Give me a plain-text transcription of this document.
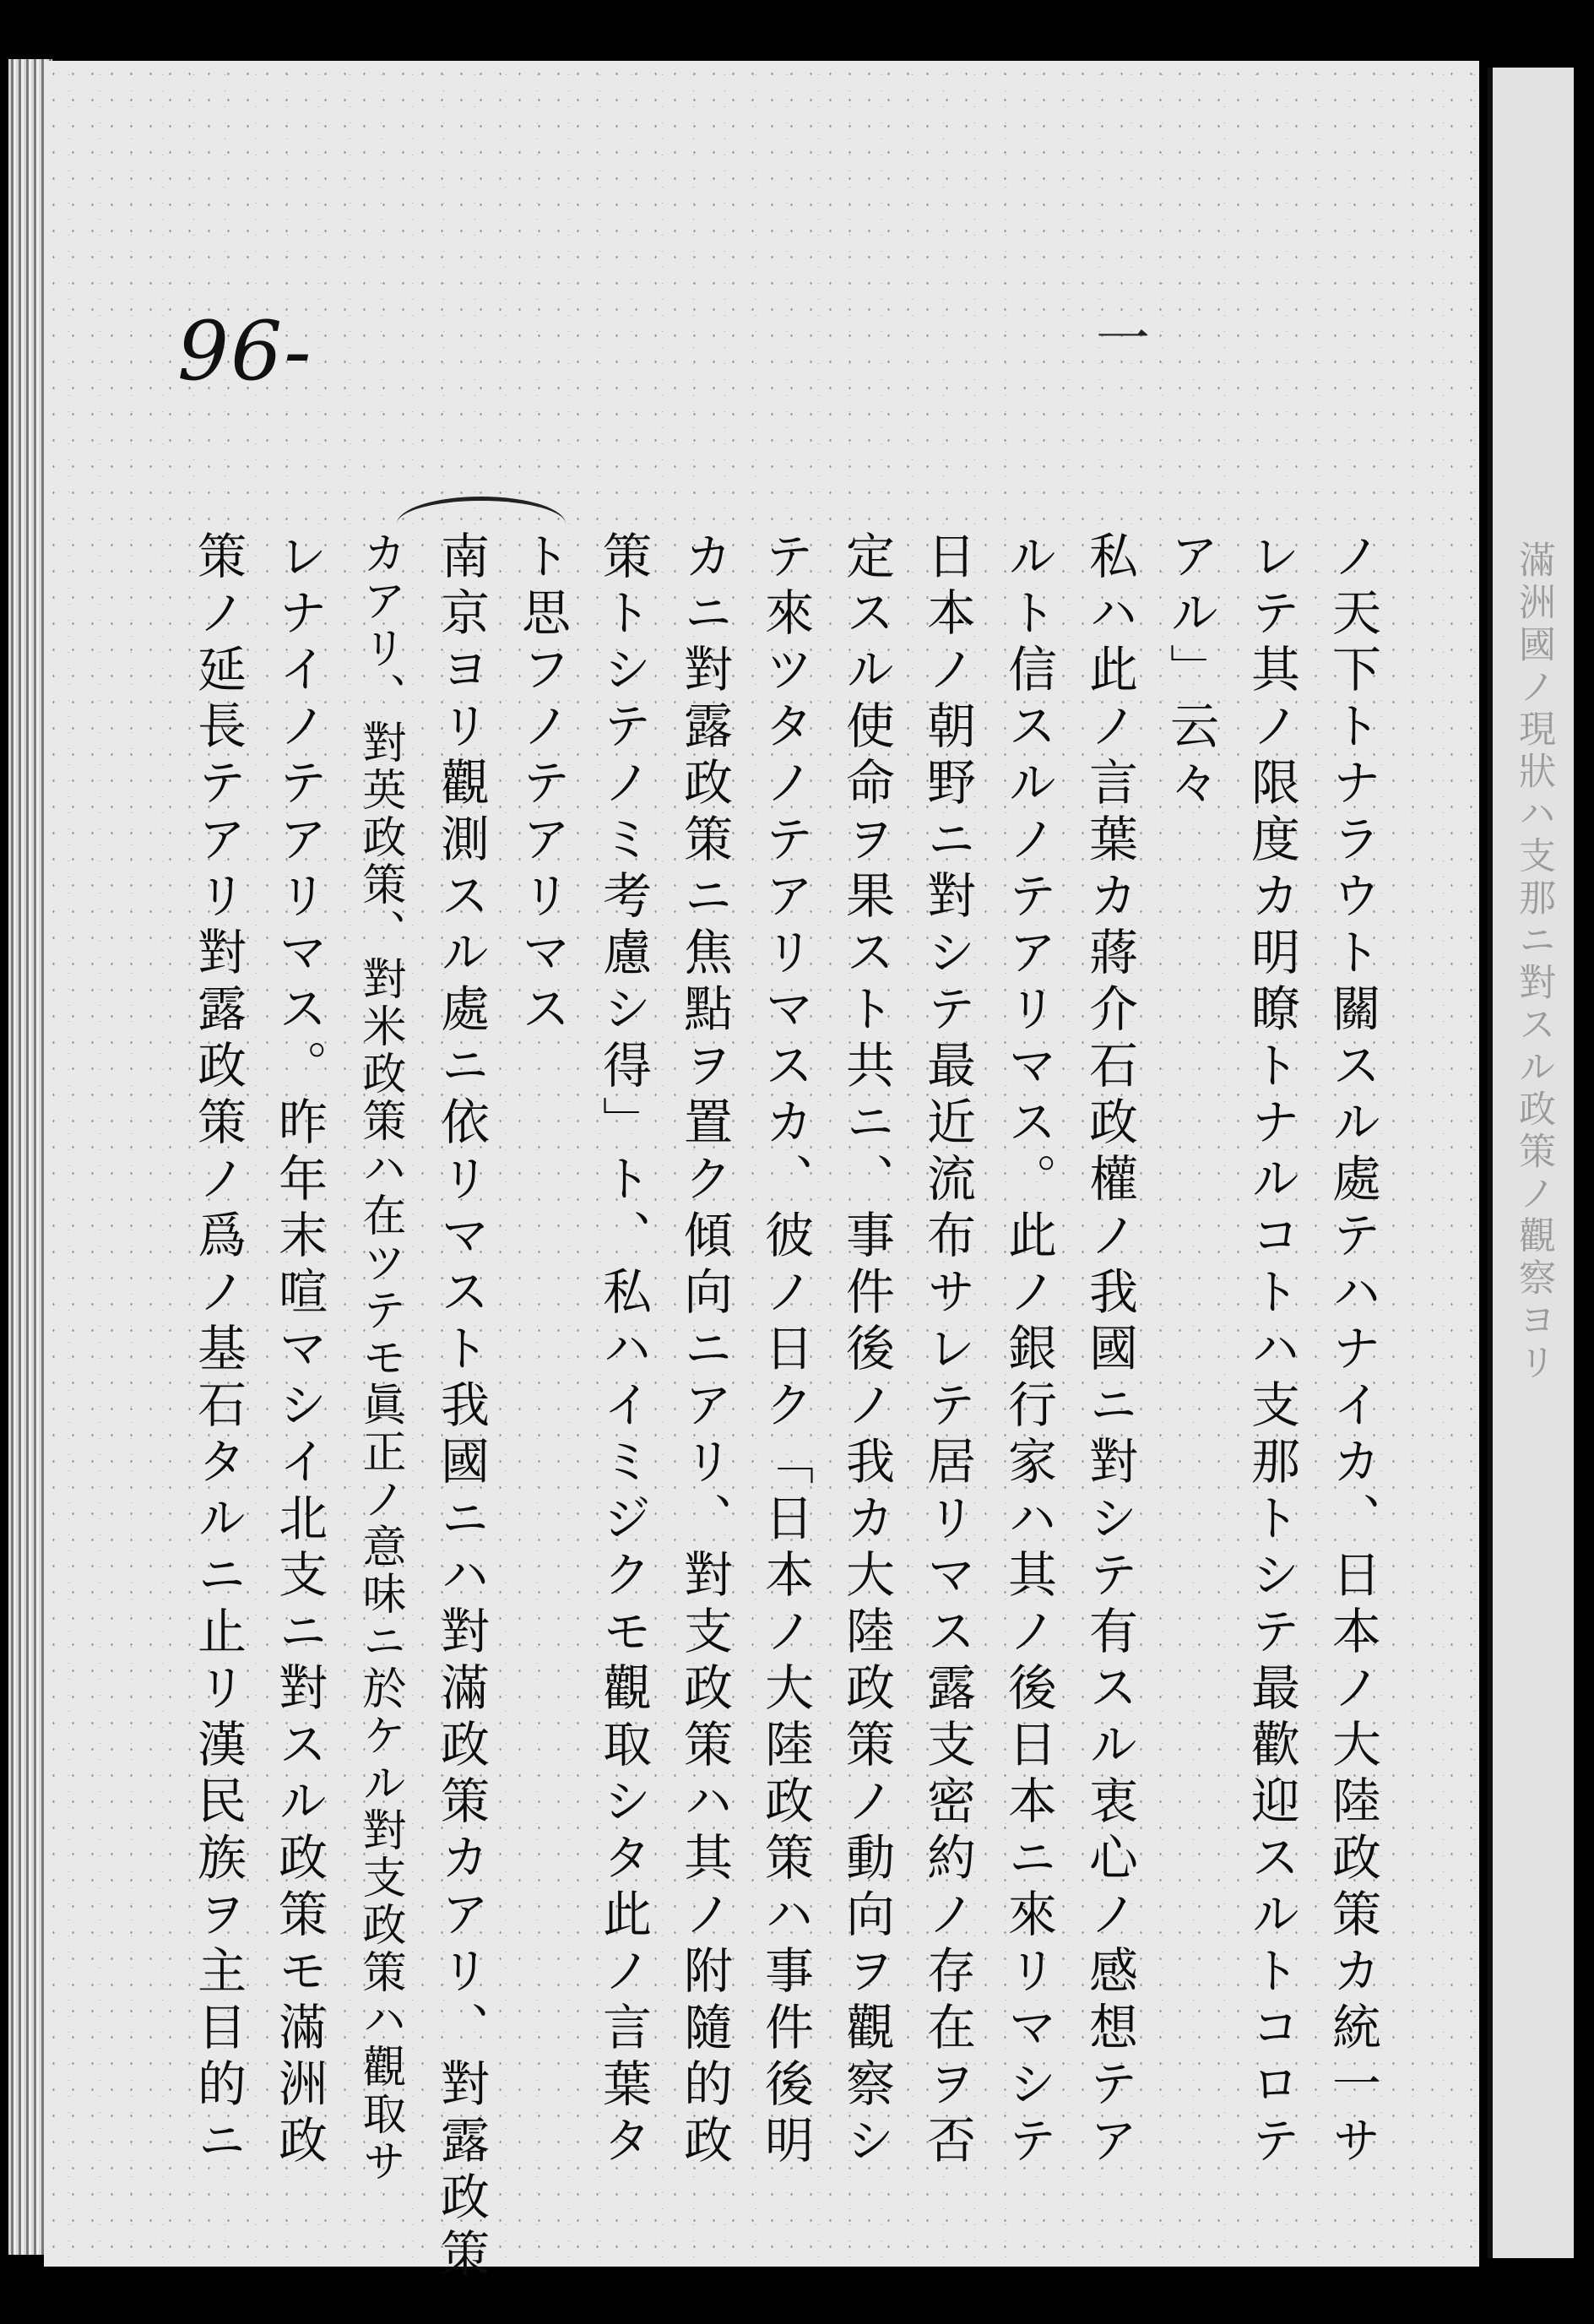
滿洲國ノ現狀ハ支那ニ對スル政策ノ觀察ヨリ
96-	一
ノ天下トナラウト關スル處テハナイカ、日本ノ大陸政策カ統一サ
レテ其ノ限度カ明瞭トナルコトハ支那トシテ最歡迎スルトコロテ
アル」云々
私ハ此ノ言葉カ蔣介石政權ノ我國ニ對シテ有スル衷心ノ感想テア
ルト信スルノテアリマス。此ノ銀行家ハ其ノ後日本ニ來リマシテ
日本ノ朝野ニ對シテ最近流布サレテ居リマス露支密約ノ存在ヲ否
定スル使命ヲ果スト共ニ、事件後ノ我カ大陸政策ノ動向ヲ觀察シ
テ來ツタノテアリマスカ、彼ノ日ク「日本ノ大陸政策ハ事件後明
カニ對露政策ニ焦點ヲ置ク傾向ニアリ、對支政策ハ其ノ附隨的政
策トシテノミ考慮シ得」ト、私ハイミジクモ觀取シタ此ノ言葉タ
ト思フノテアリマス
南京ヨリ觀測スル處ニ依リマスト我國ニハ對滿政策カアリ、對露政策
カアリ、對英政策、對米政策ハ在ツテモ眞正ノ意味ニ於ケル對支政策ハ觀取サ
レナイノテアリマス。昨年末喧マシイ北支ニ對スル政策モ滿洲政
策ノ延長テアリ對露政策ノ爲ノ基石タルニ止リ漢民族ヲ主目的ニ
